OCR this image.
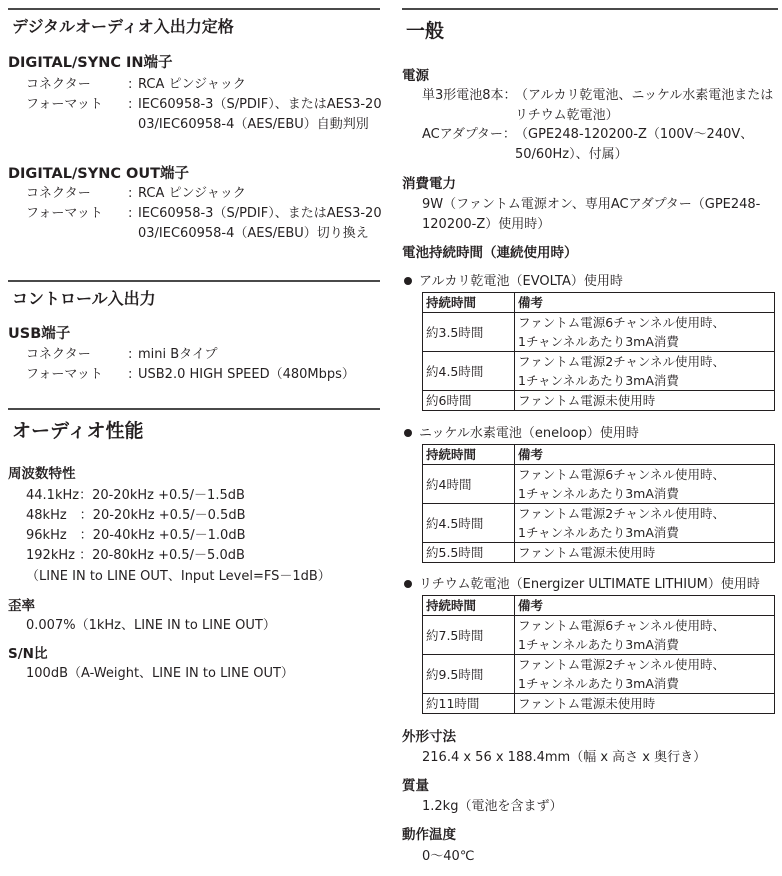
デジタルオーディオ入出力定格
DIGITAL/SYNC IN端子
コネクター	: RCA ピンジャック
フォーマット : IEC60958-3（S/PDIF）、またはAES3-2003/IEC60958-4（AES/EBU）自動判別
DIGITAL/SYNC OUT端子
コネクター	: RCA ピンジャック
フォーマット : IEC60958-3（S/PDIF）、またはAES3-2003/IEC60958-4（AES/EBU）切り換え
コントロール入出力
USB端子
コネクター	: mini Bタイプ
フォーマット : USB2.0 HIGH SPEED（480Mbps）
オーディオ性能
周波数特性
44.1kHz：20-20kHz +0.5/－1.5dB
48kHz　：20-20kHz +0.5/－0.5dB
96kHz　：20-40kHz +0.5/－1.0dB
192kHz ：20-80kHz +0.5/－5.0dB
（LINE IN to LINE OUT、Input Level=FS－1dB）
歪率
0.007%（1kHz、LINE IN to LINE OUT）
S/N比
100dB（A-Weight、LINE IN to LINE OUT）
一般
電源
単3形電池8本：
（アルカリ乾電池、ニッケル水素電池またはリチウム乾電池）
ACアダプター： （GPE248-120200-Z（100V～240V、50/60Hz）、付属）
消費電力
9W（ファントム電源オン、専用ACアダプター（GPE248-120200-Z）使用時）
電池持続時間（連続使用時）
アルカリ乾電池（EVOLTA）使用時
持続時間	備考
約3.5時間	ファントム電源6チャンネル使用時、
1チャンネルあたり3mA消費

約4.5時間	ファントム電源2チャンネル使用時、
1チャンネルあたり3mA消費

約6時間	ファントム電源未使用時
ニッケル水素電池（eneloop）使用時
持続時間	備考
約4時間	ファントム電源6チャンネル使用時、
1チャンネルあたり3mA消費

約4.5時間	ファントム電源2チャンネル使用時、
1チャンネルあたり3mA消費

約5.5時間	ファントム電源未使用時
リチウム乾電池（Energizer ULTIMATE LITHIUM）使用時
持続時間	備考
約7.5時間	ファントム電源6チャンネル使用時、
1チャンネルあたり3mA消費

約9.5時間	ファントム電源2チャンネル使用時、
1チャンネルあたり3mA消費

約11時間	ファントム電源未使用時
外形寸法
216.4 x 56 x 188.4mm（幅 x 高さ x 奥行き）
質量
1.2kg（電池を含まず）
動作温度
0～40℃
